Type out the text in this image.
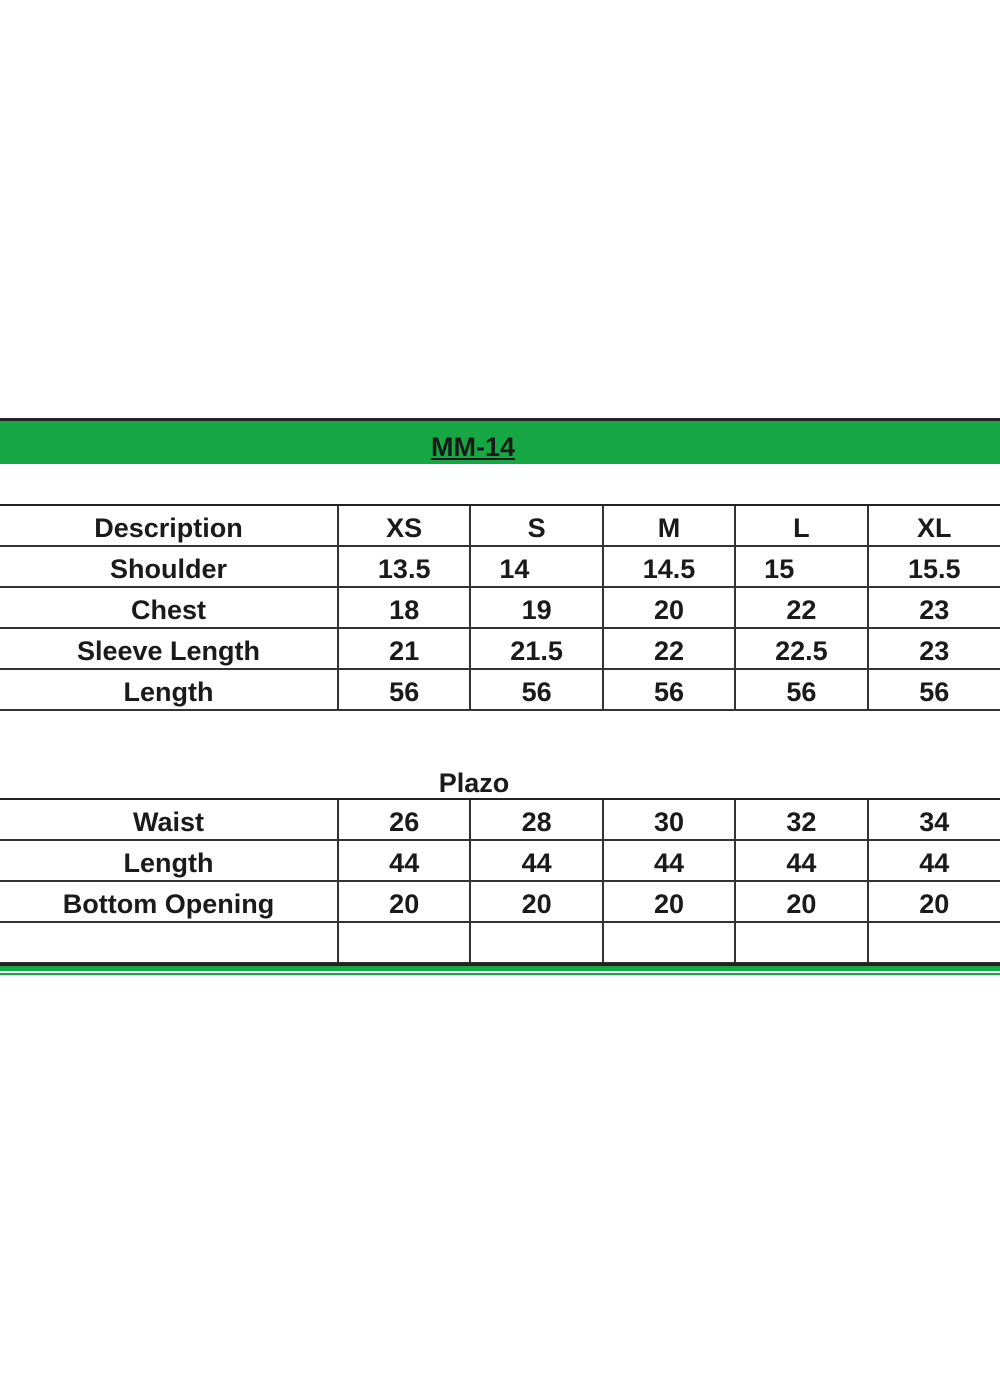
MM-14
Description	XS	S	M	L	XL
Shoulder	13.5	14	14.5	15	15.5
Chest	18	19	20	22	23
Sleeve Length	21	21.5	22	22.5	23
Length	56	56	56	56	56
Plazo
Waist	26	28	30	32	34
Length	44	44	44	44	44
Bottom Opening	20	20	20	20	20
